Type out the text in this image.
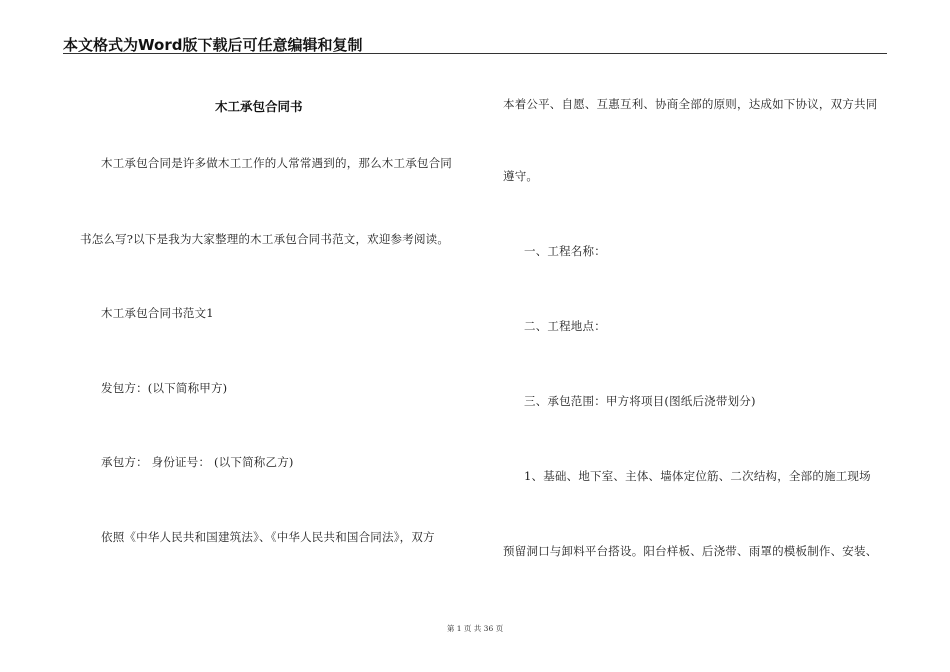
本文格式为Word版下载后可任意编辑和复制
木工承包合同书
木工承包合同是许多做木工工作的人常常遇到的，那么木工承包合同
书怎么写?以下是我为大家整理的木工承包合同书范文，欢迎参考阅读。
木工承包合同书范文1
发包方：(以下简称甲方)
承包方： 身份证号： (以下简称乙方)
依照《中华人民共和国建筑法》、《中华人民共和国合同法》，双方
本着公平、自愿、互惠互利、协商全部的原则，达成如下协议，双方共同
遵守。
一、工程名称：
二、工程地点：
三、承包范围：甲方将项目(图纸后浇带划分)
1、基础、地下室、主体、墙体定位筋、二次结构，全部的施工现场
预留洞口与卸料平台搭设。阳台样板、后浇带、雨罩的模板制作、安装、
第 1 页 共 36 页
